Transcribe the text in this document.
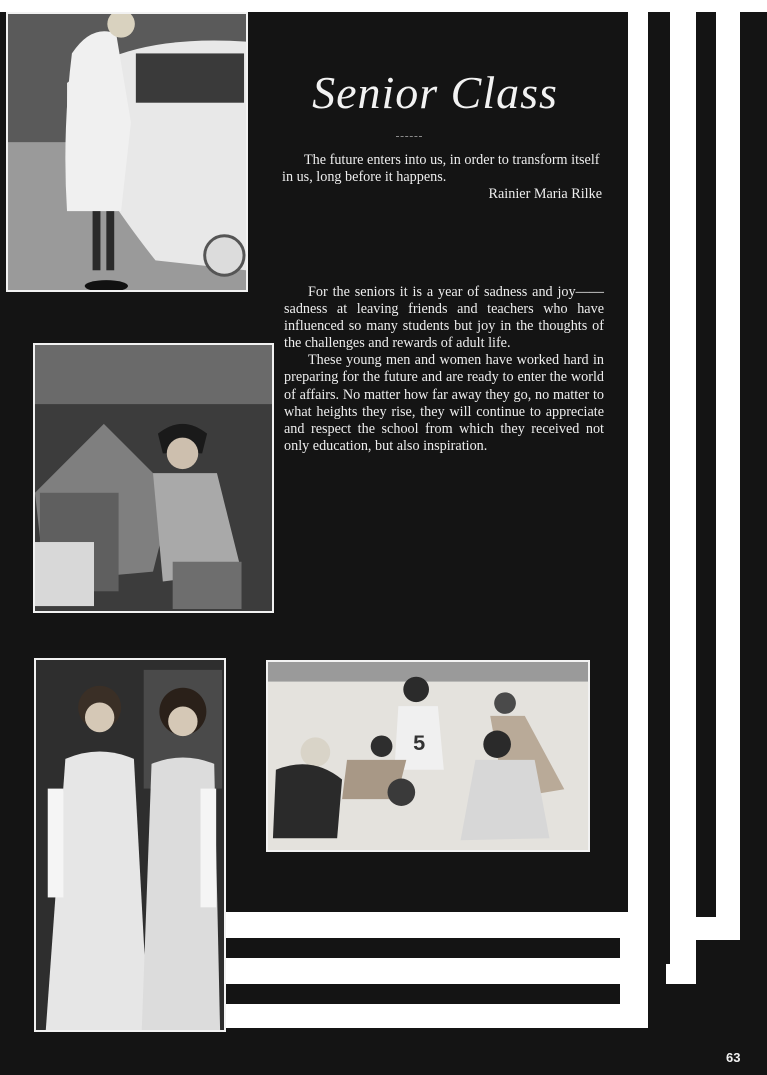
5
Senior Class
The future enters into us, in order to transform itself in us, long before it happens.
Rainier Maria Rilke

For the seniors it is a year of sadness and joy——sadness at leaving friends and teachers who have influenced so many students but joy in the thoughts of the challenges and rewards of adult life.

These young men and women have worked hard in preparing for the future and are ready to enter the world of affairs. No matter how far away they go, no matter to what heights they rise, they will continue to appreciate and respect the school from which they received not only education, but also inspiration.

63
